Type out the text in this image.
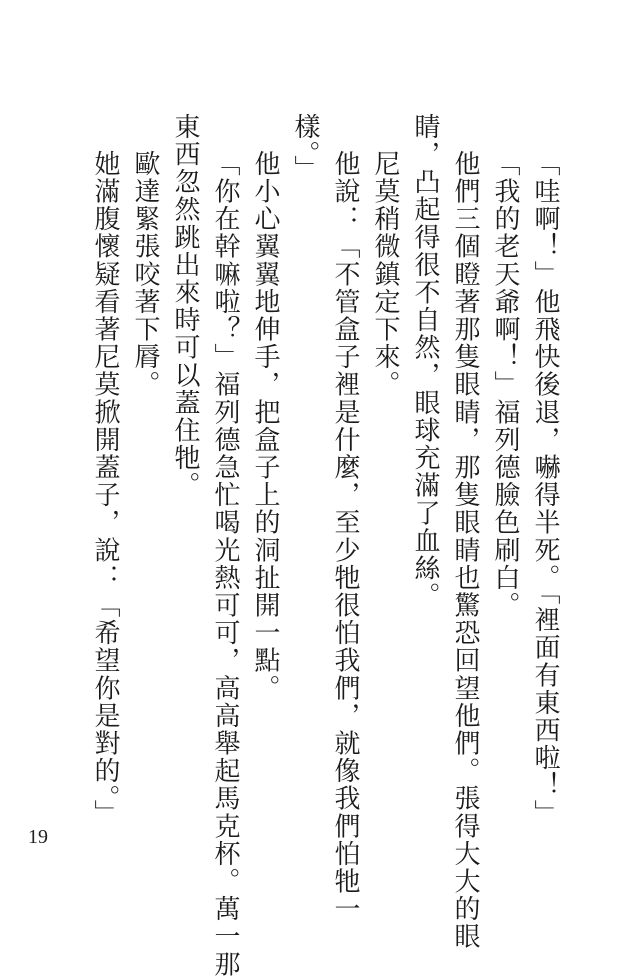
「哇啊！」他飛快後退，嚇得半死。「裡面有東西啦！」
「我的老天爺啊！」福列德臉色刷白。
他們三個瞪著那隻眼睛，那隻眼睛也驚恐回望他們。張得大大的眼
睛，凸起得很不自然，眼球充滿了血絲。
尼莫稍微鎮定下來。
他說：「不管盒子裡是什麼，至少牠很怕我們，就像我們怕牠一
樣。」
他小心翼翼地伸手，把盒子上的洞扯開一點。
「你在幹嘛啦？」福列德急忙喝光熱可可，高高舉起馬克杯。萬一那
東西忽然跳出來時可以蓋住牠。
歐達緊張咬著下脣。
她滿腹懷疑看著尼莫掀開蓋子，說：「希望你是對的。」
19
